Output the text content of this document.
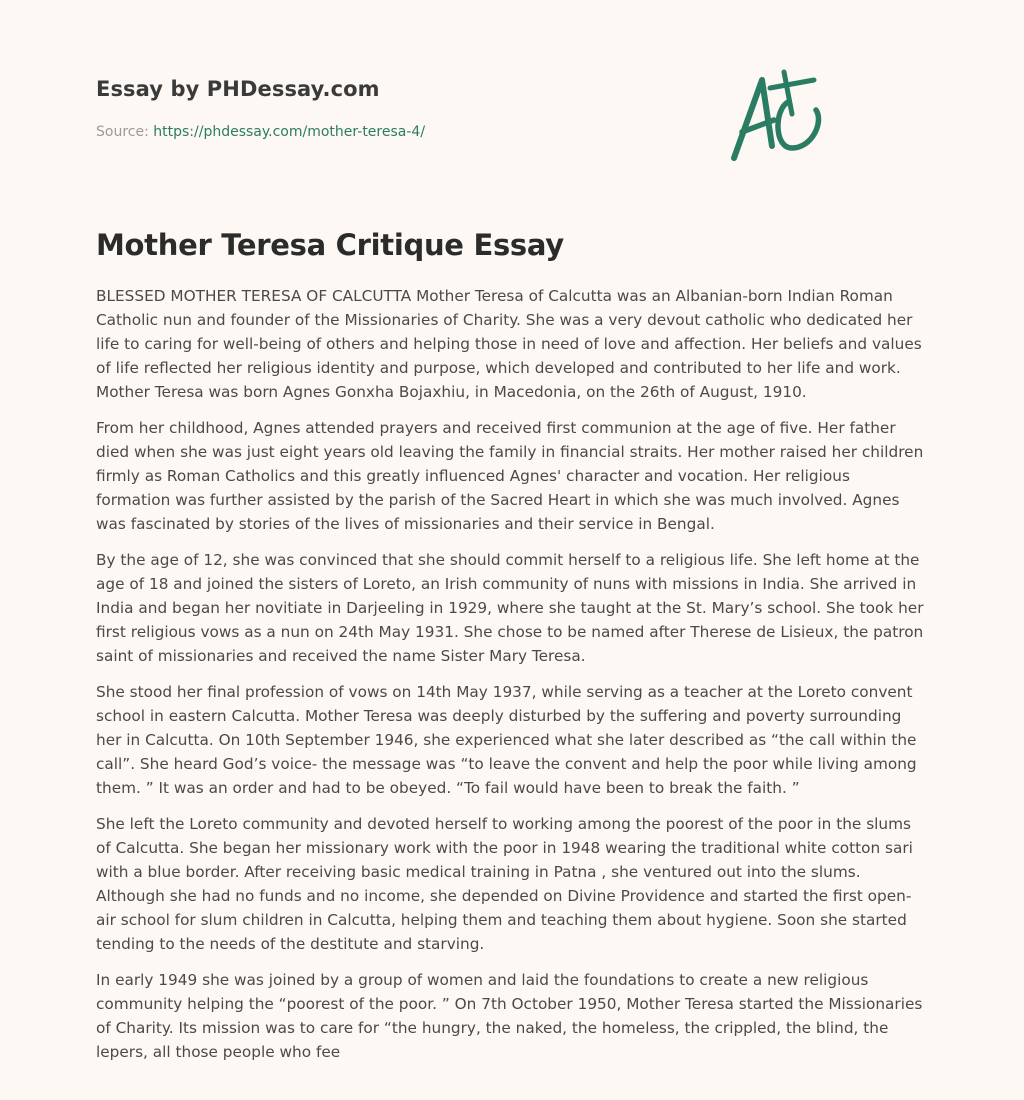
Essay by PHDessay.com
Source: https://phdessay.com/mother-teresa-4/
Mother Teresa Critique Essay

BLESSED MOTHER TERESA OF CALCUTTA Mother Teresa of Calcutta was an Albanian-born Indian Roman Catholic nun and founder of the Missionaries of Charity. She was a very devout catholic who dedicated her life to caring for well-being of others and helping those in need of love and affection. Her beliefs and values of life reflected her religious identity and purpose, which developed and contributed to her life and work. Mother Teresa was born Agnes Gonxha Bojaxhiu, in Macedonia, on the 26th of August, 1910.

From her childhood, Agnes attended prayers and received first communion at the age of five. Her father died when she was just eight years old leaving the family in financial straits. Her mother raised her children firmly as Roman Catholics and this greatly influenced Agnes' character and vocation. Her religious formation was further assisted by the parish of the Sacred Heart in which she was much involved. Agnes was fascinated by stories of the lives of missionaries and their service in Bengal.

By the age of 12, she was convinced that she should commit herself to a religious life. She left home at the age of 18 and joined the sisters of Loreto, an Irish community of nuns with missions in India. She arrived in India and began her novitiate in Darjeeling in 1929, where she taught at the St. Mary’s school. She took her first religious vows as a nun on 24th May 1931. She chose to be named after Therese de Lisieux, the patron saint of missionaries and received the name Sister Mary Teresa.

She stood her final profession of vows on 14th May 1937, while serving as a teacher at the Loreto convent school in eastern Calcutta. Mother Teresa was deeply disturbed by the suffering and poverty surrounding her in Calcutta. On 10th September 1946, she experienced what she later described as “the call within the call”. She heard God’s voice- the message was “to leave the convent and help the poor while living among them. ” It was an order and had to be obeyed. “To fail would have been to break the faith. ”

She left the Loreto community and devoted herself to working among the poorest of the poor in the slums of Calcutta. She began her missionary work with the poor in 1948 wearing the traditional white cotton sari with a blue border. After receiving basic medical training in Patna , she ventured out into the slums. Although she had no funds and no income, she depended on Divine Providence and started the first open-air school for slum children in Calcutta, helping them and teaching them about hygiene. Soon she started tending to the needs of the destitute and starving.

In early 1949 she was joined by a group of women and laid the foundations to create a new religious community helping the “poorest of the poor. ” On 7th October 1950, Mother Teresa started the Missionaries of Charity. Its mission was to care for “the hungry, the naked, the homeless, the crippled, the blind, the lepers, all those people who fee
